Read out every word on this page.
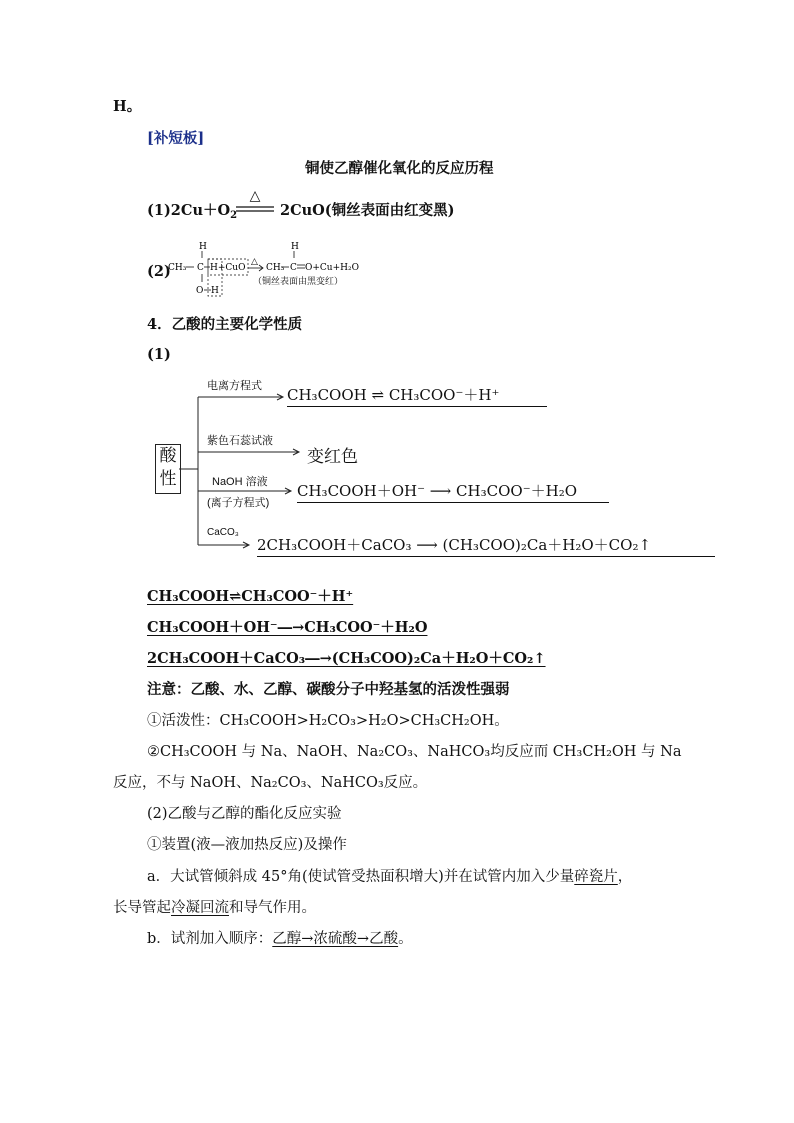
H。
[补短板]
铜使乙醇催化氧化的反应历程
$(1)2Cu+O_2$
△
2CuO(铜丝表面由红变黑)
(2)
H
CH₃ C H+CuO
O H
△
H
CH₃ C O+Cu+H₂O
（铜丝表面由黑变红）
4．乙酸的主要化学性质
(1)
酸性
电离方程式
紫色石蕊试液
NaOH 溶液
(离子方程式)
CaCO₃
CH₃COOH ⇌ CH₃COO⁻＋H⁺
变红色
CH₃COOH＋OH⁻ ⟶ CH₃COO⁻＋H₂O
2CH₃COOH＋CaCO₃ ⟶ (CH₃COO)₂Ca＋H₂O＋CO₂↑
CH₃COOH⇌CH₃COO⁻＋H⁺
CH₃COOH＋OH⁻―→CH₃COO⁻＋H₂O
2CH₃COOH＋CaCO₃―→(CH₃COO)₂Ca＋H₂O＋CO₂↑
注意：乙酸、水、乙醇、碳酸分子中羟基氢的活泼性强弱
①活泼性：CH₃COOH>H₂CO₃>H₂O>CH₃CH₂OH。
②CH₃COOH 与 Na、NaOH、Na₂CO₃、NaHCO₃均反应而 CH₃CH₂OH 与 Na
反应，不与 NaOH、Na₂CO₃、NaHCO₃反应。
(2)乙酸与乙醇的酯化反应实验
①装置(液—液加热反应)及操作
a．大试管倾斜成 45°角(使试管受热面积增大)并在试管内加入少量碎瓷片，
长导管起冷凝回流和导气作用。
b．试剂加入顺序：乙醇→浓硫酸→乙酸。
